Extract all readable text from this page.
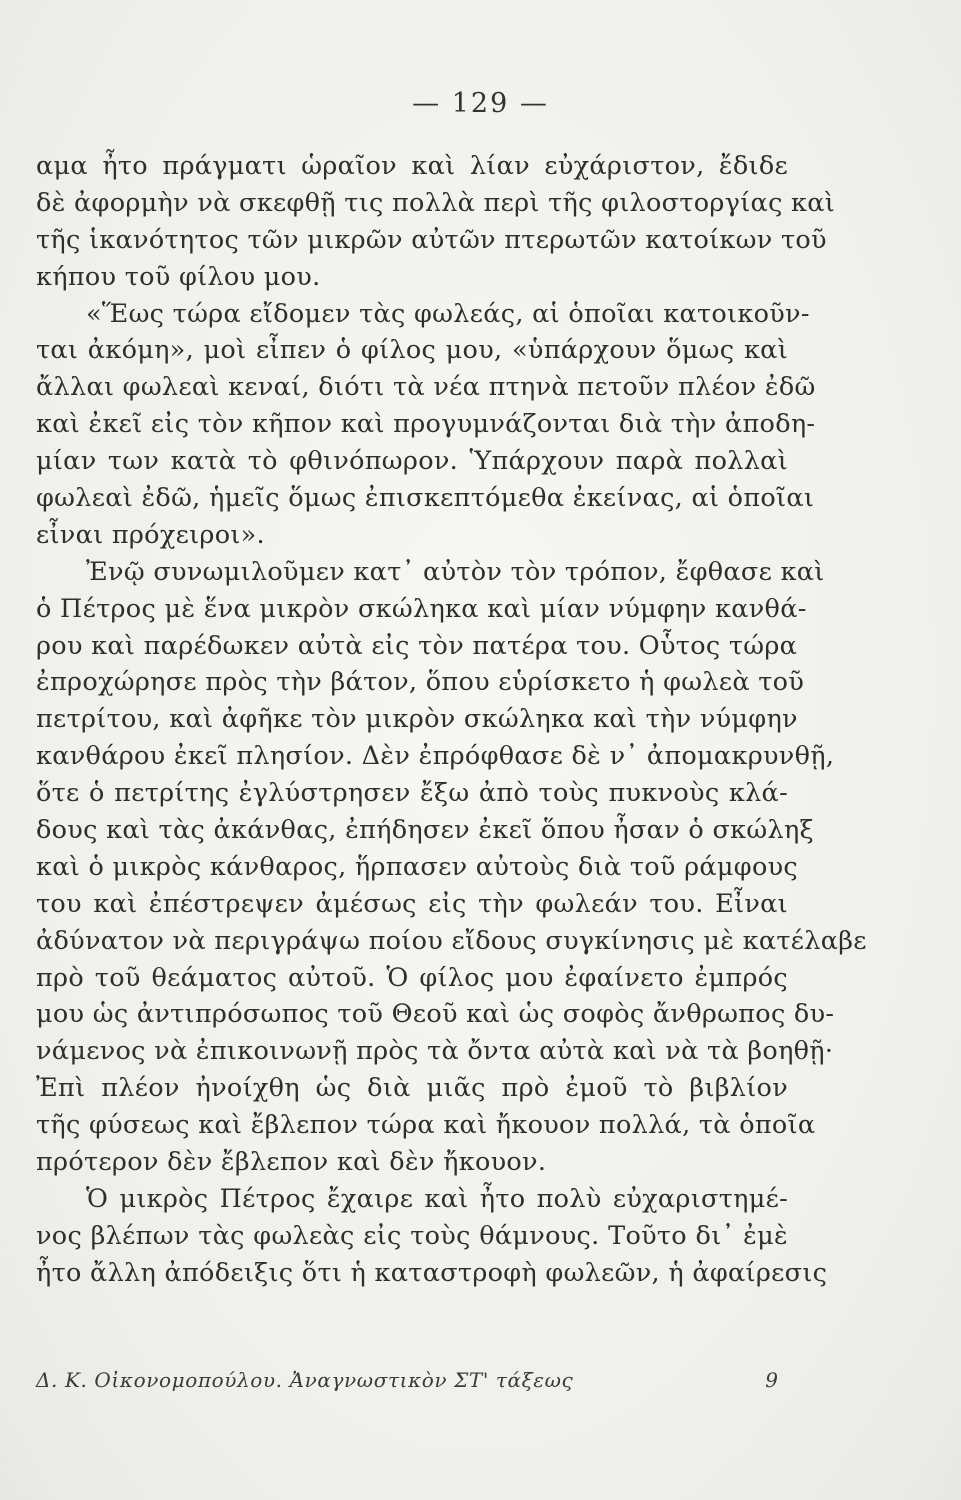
— 129 —
αμα ἦτο πράγματι ὡραῖον καὶ λίαν εὐχάριστον, ἔδιδε
δὲ ἀφορμὴν νὰ σκεφθῇ τις πολλὰ περὶ τῆς φιλοστοργίας καὶ
τῆς ἱκανότητος τῶν μικρῶν αὐτῶν πτερωτῶν κατοίκων τοῦ
κήπου τοῦ φίλου μου.
«Ἕως τώρα εἴδομεν τὰς φωλεάς, αἱ ὁποῖαι κατοικοῦν-
ται ἀκόμη», μοὶ εἶπεν ὁ φίλος μου, «ὑπάρχουν ὅμως καὶ
ἄλλαι φωλεαὶ κεναί, διότι τὰ νέα πτηνὰ πετοῦν πλέον ἐδῶ
καὶ ἐκεῖ εἰς τὸν κῆπον καὶ προγυμνάζονται διὰ τὴν ἀποδη-
μίαν των κατὰ τὸ φθινόπωρον. Ὑπάρχουν παρὰ πολλαὶ
φωλεαὶ ἐδῶ, ἡμεῖς ὅμως ἐπισκεπτόμεθα ἐκείνας, αἱ ὁποῖαι
εἶναι πρόχειροι».
Ἐνῷ συνωμιλοῦμεν κατ᾽ αὐτὸν τὸν τρόπον, ἔφθασε καὶ
ὁ Πέτρος μὲ ἕνα μικρὸν σκώληκα καὶ μίαν νύμφην κανθά-
ρου καὶ παρέδωκεν αὐτὰ εἰς τὸν πατέρα του. Οὗτος τώρα
ἐπροχώρησε πρὸς τὴν βάτον, ὅπου εὑρίσκετο ἡ φωλεὰ τοῦ
πετρίτου, καὶ ἀφῆκε τὸν μικρὸν σκώληκα καὶ τὴν νύμφην
κανθάρου ἐκεῖ πλησίον. Δὲν ἐπρόφθασε δὲ ν᾽ ἀπομακρυνθῇ,
ὅτε ὁ πετρίτης ἐγλύστρησεν ἔξω ἀπὸ τοὺς πυκνοὺς κλά-
δους καὶ τὰς ἀκάνθας, ἐπήδησεν ἐκεῖ ὅπου ἦσαν ὁ σκώληξ
καὶ ὁ μικρὸς κάνθαρος, ἥρπασεν αὐτοὺς διὰ τοῦ ράμφους
του καὶ ἐπέστρεψεν ἀμέσως εἰς τὴν φωλεάν του. Εἶναι
ἀδύνατον νὰ περιγράψω ποίου εἴδους συγκίνησις μὲ κατέλαβε
πρὸ τοῦ θεάματος αὐτοῦ. Ὁ φίλος μου ἐφαίνετο ἐμπρός
μου ὡς ἀντιπρόσωπος τοῦ Θεοῦ καὶ ὡς σοφὸς ἄνθρωπος δυ-
νάμενος νὰ ἐπικοινωνῇ πρὸς τὰ ὄντα αὐτὰ καὶ νὰ τὰ βοηθῇ·
Ἐπὶ πλέον ἠνοίχθη ὡς διὰ μιᾶς πρὸ ἐμοῦ τὸ βιβλίον
τῆς φύσεως καὶ ἔβλεπον τώρα καὶ ἤκουον πολλά, τὰ ὁποῖα
πρότερον δὲν ἔβλεπον καὶ δὲν ἤκουον.
Ὁ μικρὸς Πέτρος ἔχαιρε καὶ ἦτο πολὺ εὐχαριστημέ-
νος βλέπων τὰς φωλεὰς εἰς τοὺς θάμνους. Τοῦτο δι᾽ ἐμὲ
ἦτο ἄλλη ἀπόδειξις ὅτι ἡ καταστροφὴ φωλεῶν, ἡ ἀφαίρεσις
Δ. Κ. Οἰκονομοπούλου. Ἀναγνωστικὸν ΣΤ' τάξεως	9
